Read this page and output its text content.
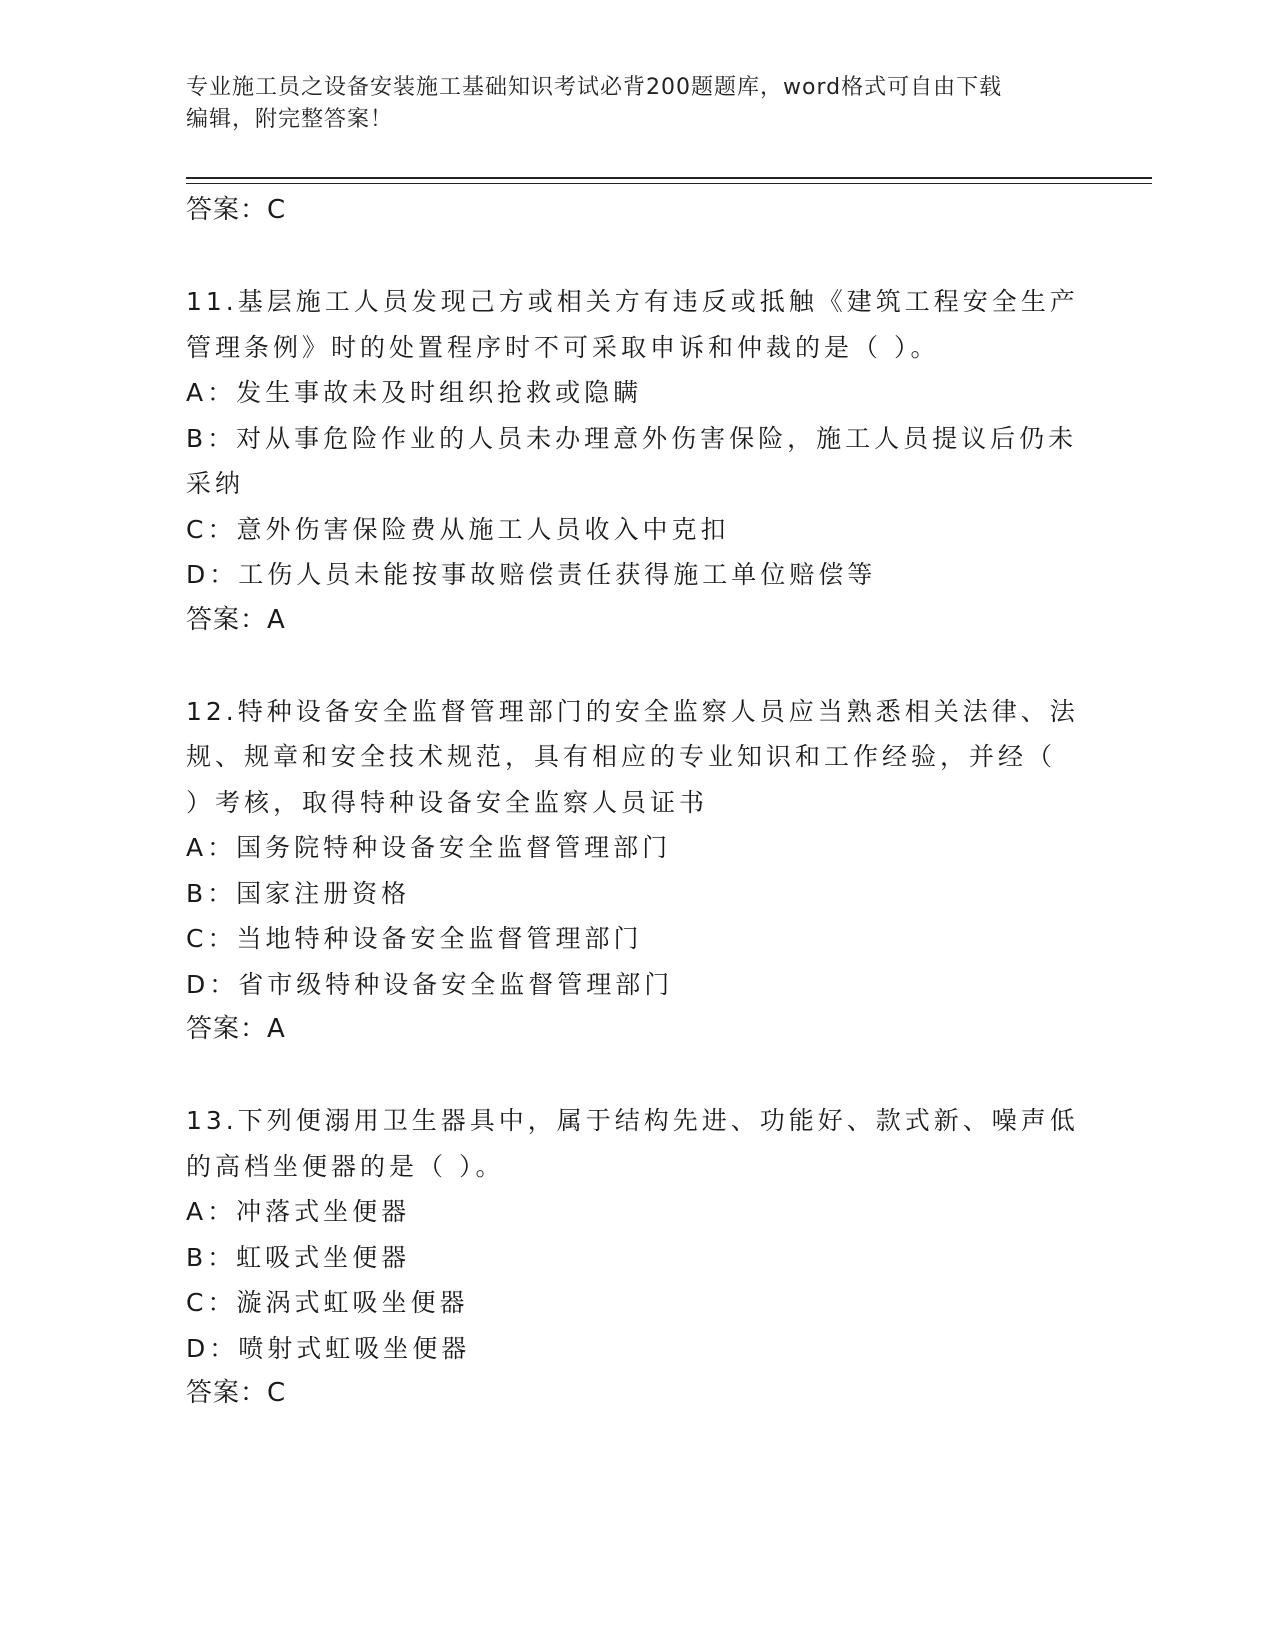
专业施工员之设备安装施工基础知识考试必背200题题库，word格式可自由下载
编辑，附完整答案！
答案：C
11.基层施工人员发现己方或相关方有违反或抵触《建筑工程安全生产
管理条例》时的处置程序时不可采取申诉和仲裁的是（ ）。
A：发生事故未及时组织抢救或隐瞒
B：对从事危险作业的人员未办理意外伤害保险，施工人员提议后仍未
采纳
C：意外伤害保险费从施工人员收入中克扣
D：工伤人员未能按事故赔偿责任获得施工单位赔偿等
答案：A
12.特种设备安全监督管理部门的安全监察人员应当熟悉相关法律、法
规、规章和安全技术规范，具有相应的专业知识和工作经验，并经（
）考核，取得特种设备安全监察人员证书
A：国务院特种设备安全监督管理部门
B：国家注册资格
C：当地特种设备安全监督管理部门
D：省市级特种设备安全监督管理部门
答案：A
13.下列便溺用卫生器具中，属于结构先进、功能好、款式新、噪声低
的高档坐便器的是（ ）。
A：冲落式坐便器
B：虹吸式坐便器
C：漩涡式虹吸坐便器
D：喷射式虹吸坐便器
答案：C
